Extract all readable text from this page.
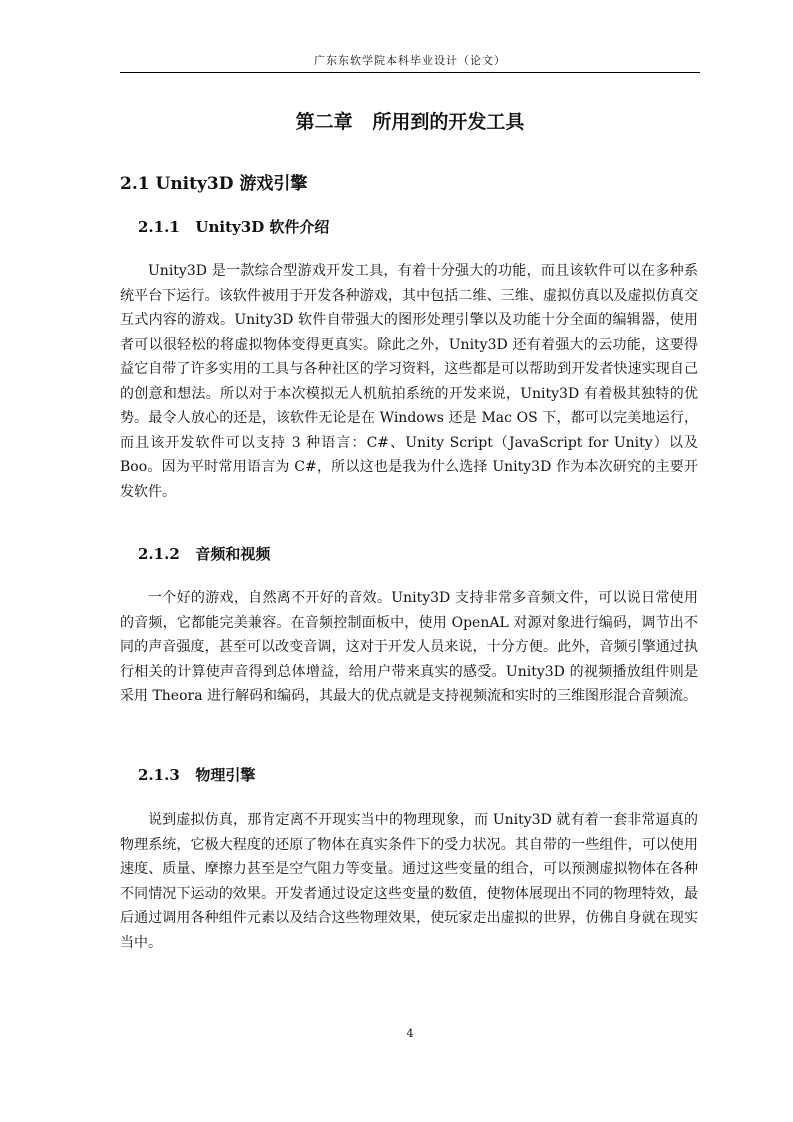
广东东软学院本科毕业设计（论文）
第二章   所用到的开发工具
2.1 Unity3D 游戏引擎
2.1.1   Unity3D 软件介绍

Unity3D 是一款综合型游戏开发工具，有着十分强大的功能，而且该软件可以在多种系统平台下运行。该软件被用于开发各种游戏，其中包括二维、三维、虚拟仿真以及虚拟仿真交互式内容的游戏。Unity3D 软件自带强大的图形处理引擎以及功能十分全面的编辑器，使用者可以很轻松的将虚拟物体变得更真实。除此之外，Unity3D 还有着强大的云功能，这要得益它自带了许多实用的工具与各种社区的学习资料，这些都是可以帮助到开发者快速实现自己的创意和想法。所以对于本次模拟无人机航拍系统的开发来说，Unity3D 有着极其独特的优势。最令人放心的还是，该软件无论是在 Windows 还是 Mac OS 下，都可以完美地运行，而且该开发软件可以支持 3 种语言：C#、Unity Script（JavaScript for Unity）以及 Boo。因为平时常用语言为 C#，所以这也是我为什么选择 Unity3D 作为本次研究的主要开发软件。

2.1.2   音频和视频

一个好的游戏，自然离不开好的音效。Unity3D 支持非常多音频文件，可以说日常使用的音频，它都能完美兼容。在音频控制面板中，使用 OpenAL 对源对象进行编码，调节出不同的声音强度，甚至可以改变音调，这对于开发人员来说，十分方便。此外，音频引擎通过执行相关的计算使声音得到总体增益，给用户带来真实的感受。Unity3D 的视频播放组件则是采用 Theora 进行解码和编码，其最大的优点就是支持视频流和实时的三维图形混合音频流。

2.1.3   物理引擎

说到虚拟仿真，那肯定离不开现实当中的物理现象，而 Unity3D 就有着一套非常逼真的物理系统，它极大程度的还原了物体在真实条件下的受力状况。其自带的一些组件，可以使用速度、质量、摩擦力甚至是空气阻力等变量。通过这些变量的组合，可以预测虚拟物体在各种不同情况下运动的效果。开发者通过设定这些变量的数值，使物体展现出不同的物理特效，最后通过调用各种组件元素以及结合这些物理效果，使玩家走出虚拟的世界，仿佛自身就在现实当中。

4
